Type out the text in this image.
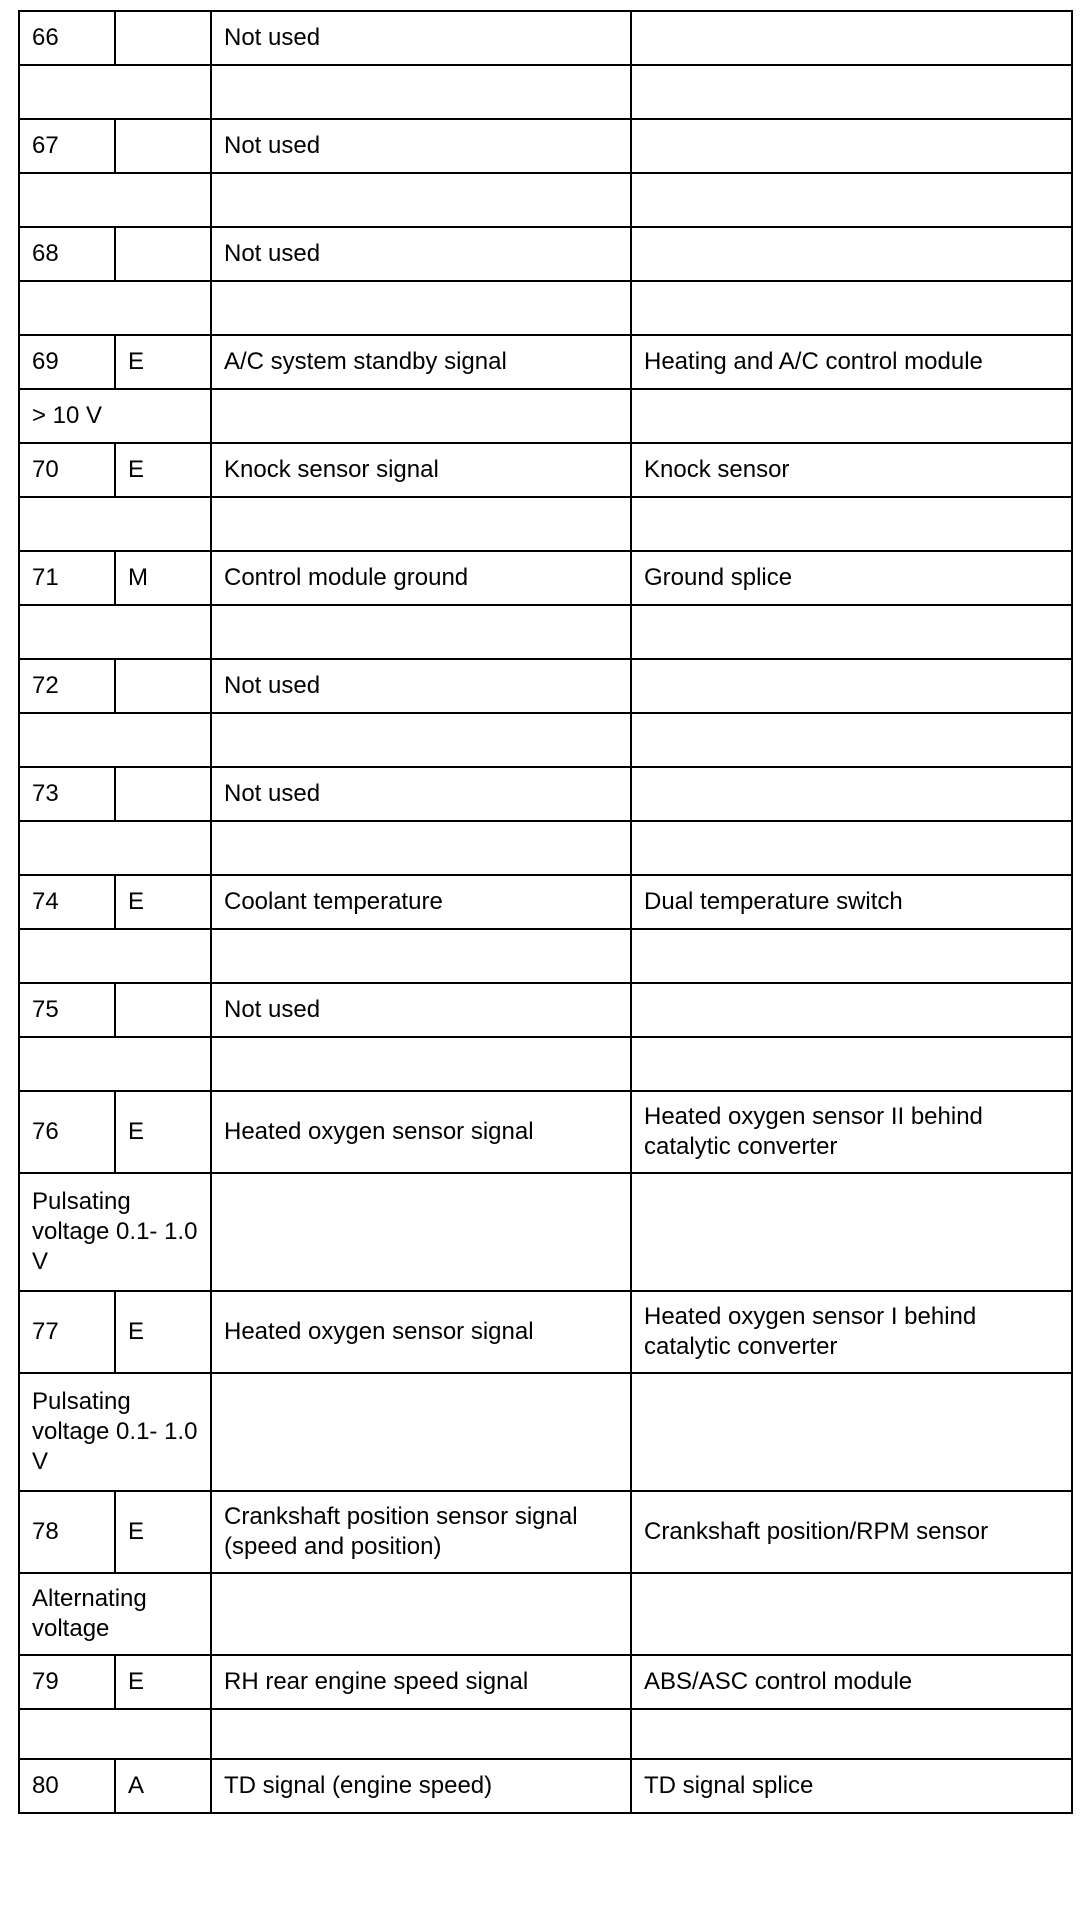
66		Not used	

67		Not used	

68		Not used	

69	E	A/C system standby signal	Heating and A/C control module
> 10 V			
70	E	Knock sensor signal	Knock sensor

71	M	Control module ground	Ground splice

72		Not used	

73		Not used	

74	E	Coolant temperature	Dual temperature switch

75		Not used	

76	E	Heated oxygen sensor signal	Heated oxygen sensor II behind catalytic converter
Pulsating voltage 0.1- 1.0 V			
77	E	Heated oxygen sensor signal	Heated oxygen sensor I behind catalytic converter
Pulsating voltage 0.1- 1.0 V			
78	E	Crankshaft position sensor signal (speed and position)	Crankshaft position/RPM sensor
Alternating voltage			
79	E	RH rear engine speed signal	ABS/ASC control module

80	A	TD signal (engine speed)	TD signal splice
